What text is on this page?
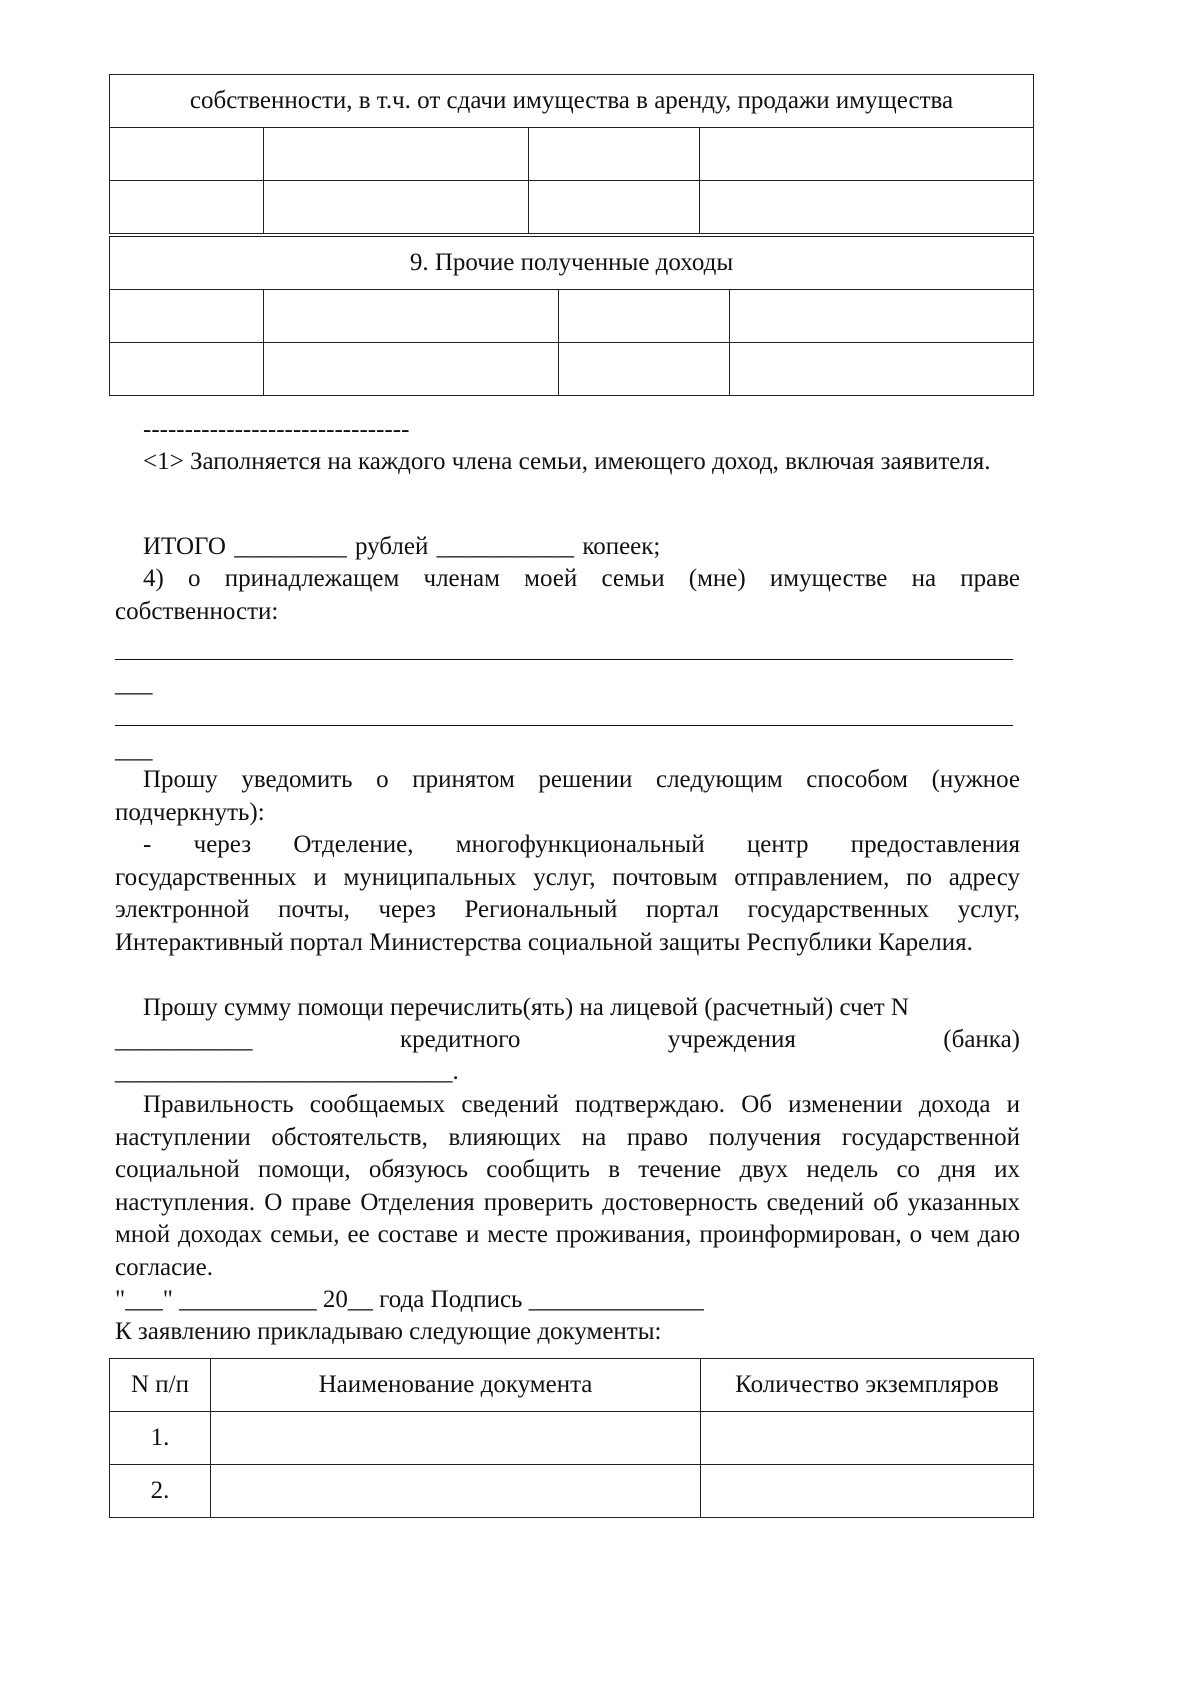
собственности, в т.ч. от сдачи имущества в аренду, продажи имущества			

9. Прочие полученные доходы			

--------------------------------
<1> Заполняется на каждого члена семьи, имеющего доход, включая заявителя.
ИТОГО _________ рублей ___________ копеек;
4) о принадлежащем членам моей семьи (мне) имуществе на праве собственности:
___
___
Прошу уведомить о принятом решении следующим способом (нужное подчеркнуть):
- через Отделение, многофункциональный центр предоставления государственных и муниципальных услуг, почтовым отправлением, по адресу электронной почты, через Региональный портал государственных услуг, Интерактивный портал Министерства социальной защиты Республики Карелия.
Прошу сумму помощи перечислить(ять) на лицевой (расчетный) счет N
___________	кредитного	учреждения	(банка)
___________________________.
Правильность сообщаемых сведений подтверждаю. Об изменении дохода и наступлении обстоятельств, влияющих на право получения государственной социальной помощи, обязуюсь сообщить в течение двух недель со дня их наступления. О праве Отделения проверить достоверность сведений об указанных мной доходах семьи, ее составе и месте проживания, проинформирован, о чем даю согласие.
"___" ___________ 20__ года Подпись ______________
К заявлению прикладываю следующие документы:
N п/п	Наименование документа	Количество экземпляров
1.		
2.		
